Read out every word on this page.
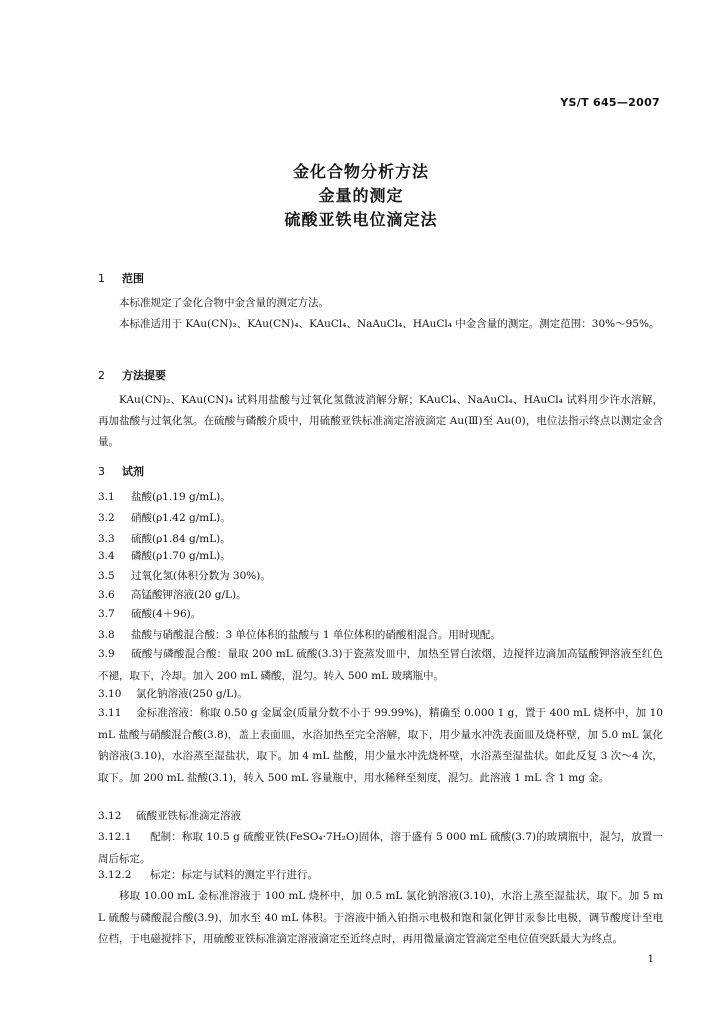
YS/T 645—2007
金化合物分析方法
金量的测定
硫酸亚铁电位滴定法
1 范围
本标准规定了金化合物中金含量的测定方法。
本标准适用于 KAu(CN)₂、KAu(CN)₄、KAuCl₄、NaAuCl₄、HAuCl₄ 中金含量的测定。测定范围：30%～95%。
2 方法提要
KAu(CN)₂、KAu(CN)₄ 试料用盐酸与过氧化氢微波消解分解；KAuCl₄、NaAuCl₄、HAuCl₄ 试料用少许水溶解，再加盐酸与过氧化氢。在硫酸与磷酸介质中，用硫酸亚铁标准滴定溶液滴定 Au(Ⅲ)至 Au(0)，电位法指示终点以测定金含量。
3 试剂
3.1 盐酸(ρ1.19 g/mL)。
3.2 硝酸(ρ1.42 g/mL)。
3.3 硫酸(ρ1.84 g/mL)。
3.4 磷酸(ρ1.70 g/mL)。
3.5 过氧化氢(体积分数为 30%)。
3.6 高锰酸钾溶液(20 g/L)。
3.7 硫酸(4＋96)。
3.8 盐酸与硝酸混合酸：3 单位体积的盐酸与 1 单位体积的硝酸相混合。用时现配。
3.9 硫酸与磷酸混合酸：量取 200 mL 硫酸(3.3)于瓷蒸发皿中，加热至冒白浓烟，边搅拌边滴加高锰酸钾溶液至红色不褪，取下，冷却。加入 200 mL 磷酸，混匀。转入 500 mL 玻璃瓶中。
3.10 氯化钠溶液(250 g/L)。
3.11 金标准溶液：称取 0.50 g 金属金(质量分数不小于 99.99%)，精确至 0.000 1 g，置于 400 mL 烧杯中，加 10 mL 盐酸与硝酸混合酸(3.8)，盖上表面皿，水浴加热至完全溶解，取下，用少量水冲洗表面皿及烧杯壁，加 5.0 mL 氯化钠溶液(3.10)，水浴蒸至湿盐状，取下。加 4 mL 盐酸，用少量水冲洗烧杯壁，水浴蒸至湿盐状。如此反复 3 次～4 次，取下。加 200 mL 盐酸(3.1)，转入 500 mL 容量瓶中，用水稀释至刻度，混匀。此溶液 1 mL 含 1 mg 金。
3.12 硫酸亚铁标准滴定溶液
3.12.1 配制：称取 10.5 g 硫酸亚铁(FeSO₄·7H₂O)固体，溶于盛有 5 000 mL 硫酸(3.7)的玻璃瓶中，混匀，放置一周后标定。
3.12.2 标定：标定与试料的测定平行进行。
移取 10.00 mL 金标准溶液于 100 mL 烧杯中，加 0.5 mL 氯化钠溶液(3.10)，水浴上蒸至湿盐状，取下。加 5 mL 硫酸与磷酸混合酸(3.9)，加水至 40 mL 体积。于溶液中插入铂指示电极和饱和氯化钾甘汞参比电极，调节酸度计至电位档，于电磁搅拌下，用硫酸亚铁标准滴定溶液滴定至近终点时，再用微量滴定管滴定至电位值突跃最大为终点。
1
